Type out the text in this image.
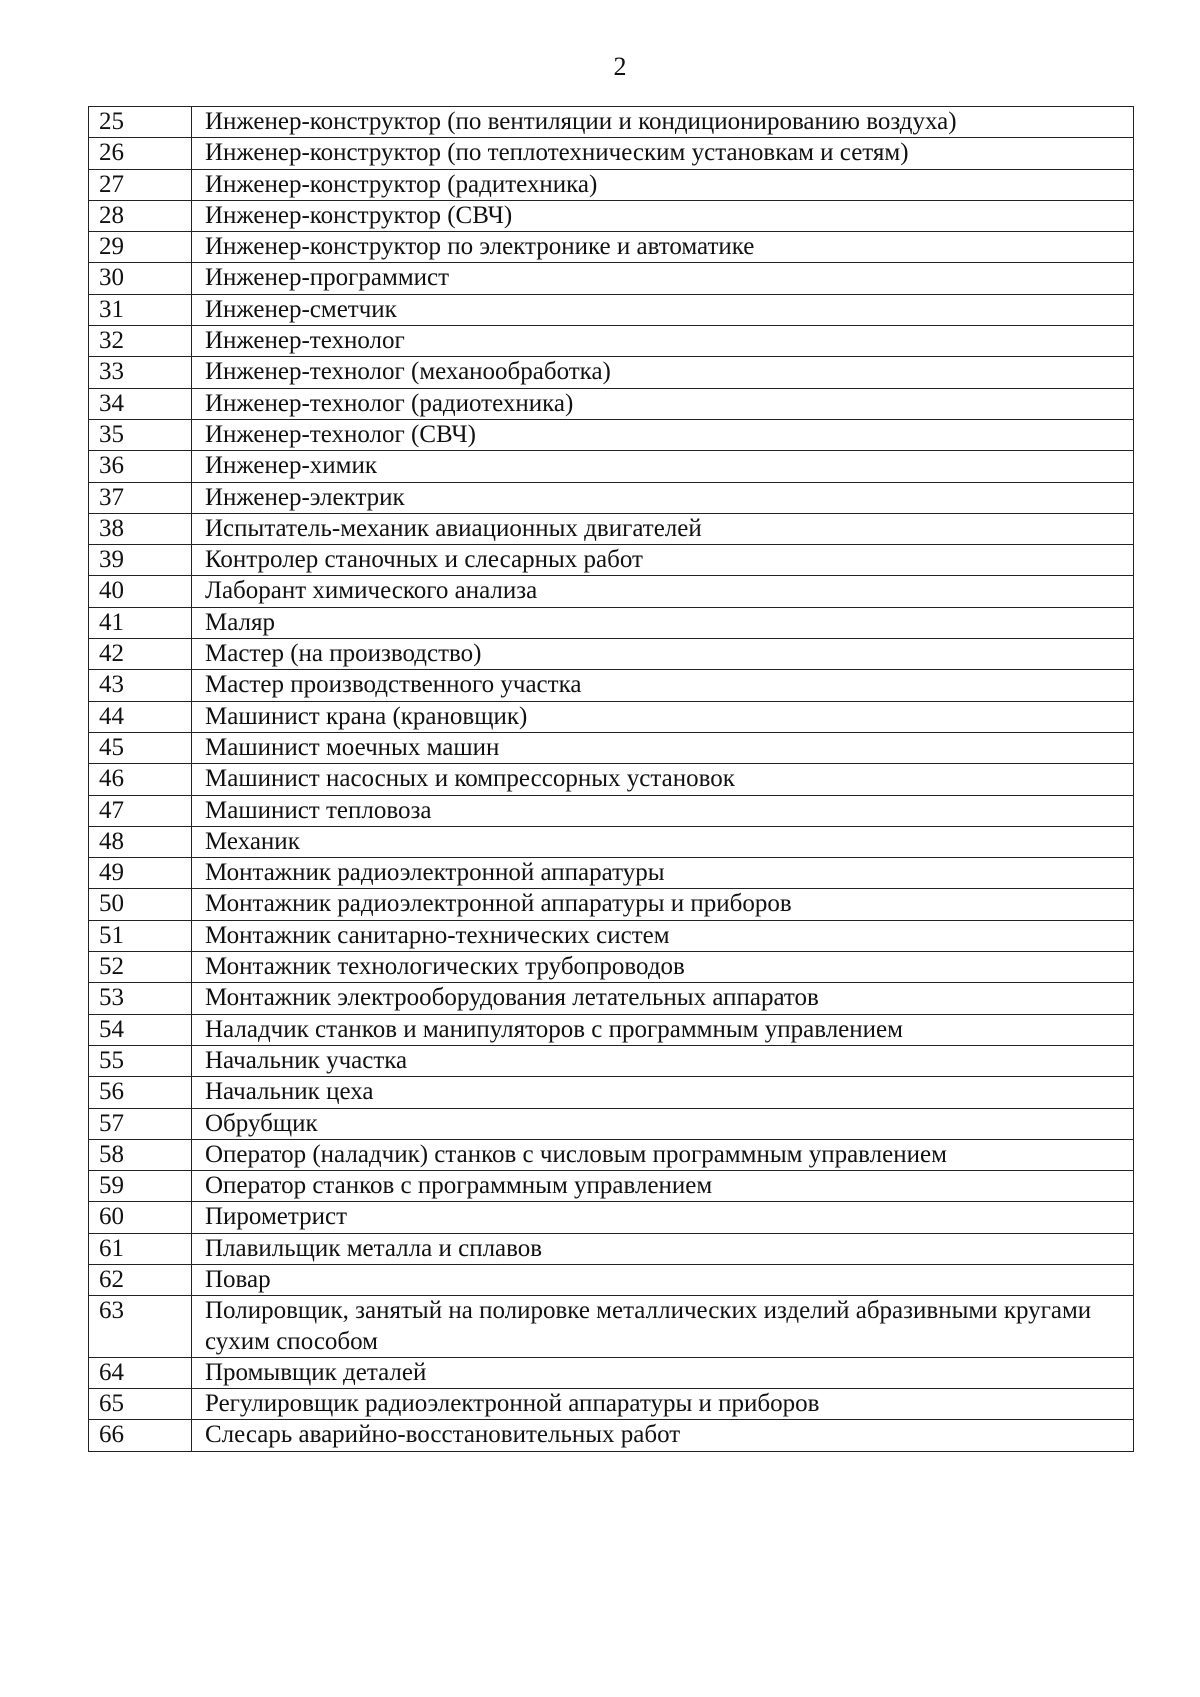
2
25	Инженер-конструктор (по вентиляции и кондиционированию воздуха)
26	Инженер-конструктор (по теплотехническим установкам и сетям)
27	Инженер-конструктор (радитехника)
28	Инженер-конструктор (СВЧ)
29	Инженер-конструктор по электронике и автоматике
30	Инженер-программист
31	Инженер-сметчик
32	Инженер-технолог
33	Инженер-технолог (механообработка)
34	Инженер-технолог (радиотехника)
35	Инженер-технолог (СВЧ)
36	Инженер-химик
37	Инженер-электрик
38	Испытатель-механик авиационных двигателей
39	Контролер станочных и слесарных работ
40	Лаборант химического анализа
41	Маляр
42	Мастер (на производство)
43	Мастер производственного участка
44	Машинист крана (крановщик)
45	Машинист моечных машин
46	Машинист насосных и компрессорных установок
47	Машинист тепловоза
48	Механик
49	Монтажник радиоэлектронной аппаратуры
50	Монтажник радиоэлектронной аппаратуры и приборов
51	Монтажник санитарно-технических систем
52	Монтажник технологических трубопроводов
53	Монтажник электрооборудования летательных аппаратов
54	Наладчик станков и манипуляторов с программным управлением
55	Начальник участка
56	Начальник цеха
57	Обрубщик
58	Оператор (наладчик) станков с числовым программным управлением
59	Оператор станков с программным управлением
60	Пирометрист
61	Плавильщик металла и сплавов
62	Повар
63	Полировщик, занятый на полировке металлических изделий абразивными кругами сухим способом
64	Промывщик деталей
65	Регулировщик радиоэлектронной аппаратуры и приборов
66	Слесарь аварийно-восстановительных работ
